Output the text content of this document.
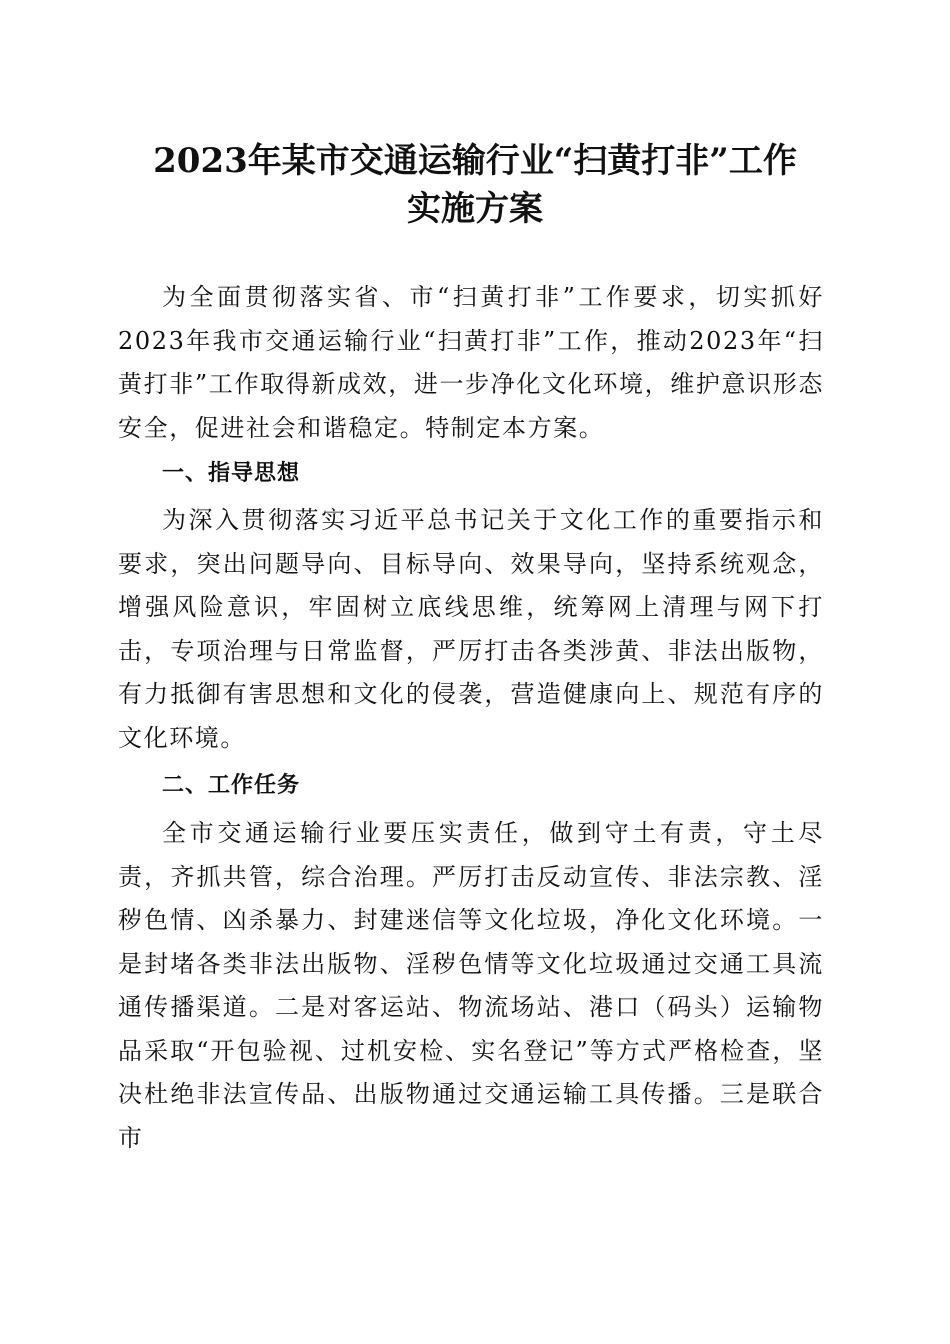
2023年某市交通运输行业“扫黄打非”工作
实施方案

为全面贯彻落实省、市“扫黄打非”工作要求，切实抓好2023年我市交通运输行业“扫黄打非”工作，推动2023年“扫黄打非”工作取得新成效，进一步净化文化环境，维护意识形态安全，促进社会和谐稳定。特制定本方案。

一、指导思想

为深入贯彻落实习近平总书记关于文化工作的重要指示和要求，突出问题导向、目标导向、效果导向，坚持系统观念，增强风险意识，牢固树立底线思维，统筹网上清理与网下打击，专项治理与日常监督，严厉打击各类涉黄、非法出版物，有力抵御有害思想和文化的侵袭，营造健康向上、规范有序的文化环境。

二、工作任务

全市交通运输行业要压实责任，做到守土有责，守土尽责，齐抓共管，综合治理。严厉打击反动宣传、非法宗教、淫秽色情、凶杀暴力、封建迷信等文化垃圾，净化文化环境。一是封堵各类非法出版物、淫秽色情等文化垃圾通过交通工具流通传播渠道。二是对客运站、物流场站、港口（码头）运输物品采取“开包验视、过机安检、实名登记”等方式严格检查，坚决杜绝非法宣传品、出版物通过交通运输工具传播。三是联合市
